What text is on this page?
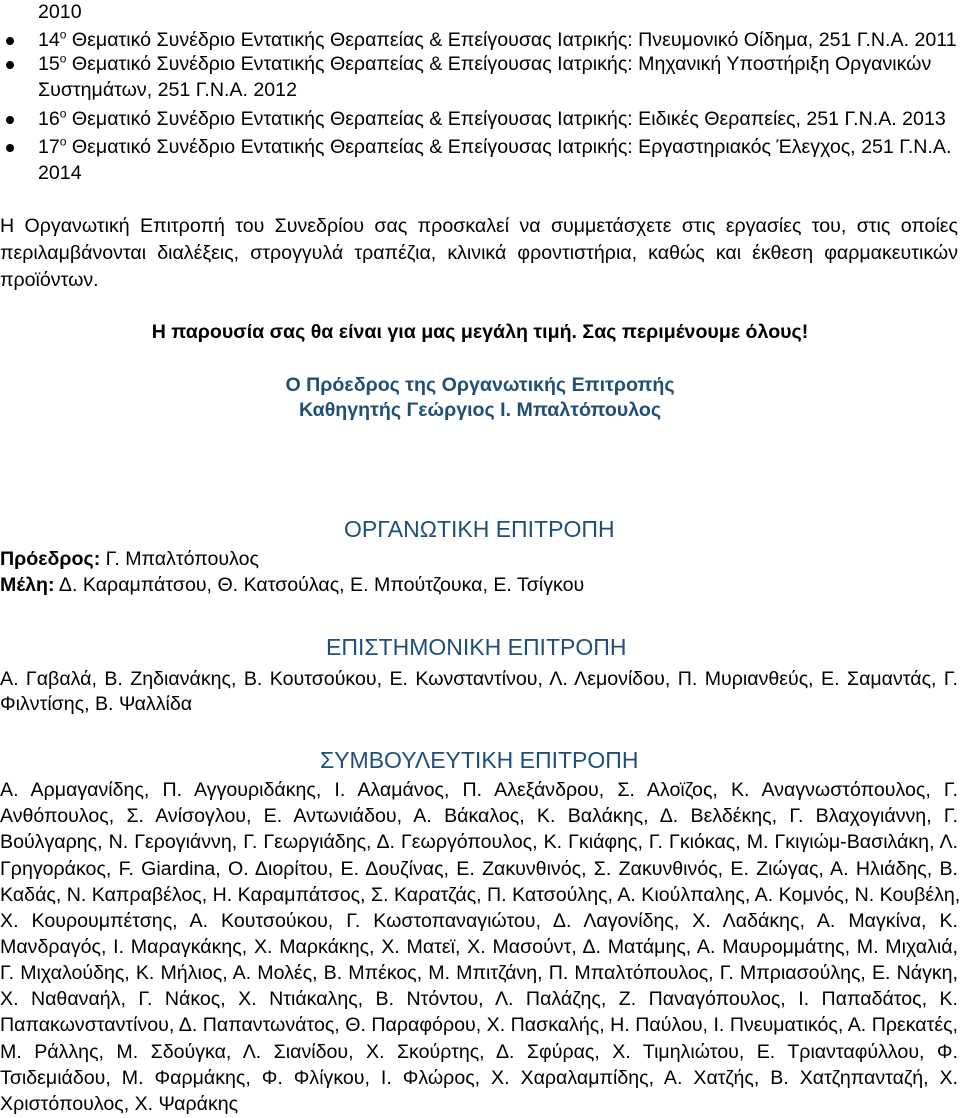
2010
$14^o$ Θεματικό Συνέδριο Εντατικής Θεραπείας & Επείγουσας Ιατρικής: Πνευμονικό Οίδημα, 251 Γ.Ν.Α. 2011
$15^o$ Θεματικό Συνέδριο Εντατικής Θεραπείας & Επείγουσας Ιατρικής: Μηχανική Υποστήριξη Οργανικών
Συστημάτων, 251 Γ.Ν.Α. 2012
$16^o$ Θεματικό Συνέδριο Εντατικής Θεραπείας & Επείγουσας Ιατρικής: Ειδικές Θεραπείες, 251 Γ.Ν.Α. 2013
$17^o$ Θεματικό Συνέδριο Εντατικής Θεραπείας & Επείγουσας Ιατρικής: Εργαστηριακός Έλεγχος, 251 Γ.Ν.Α.
2014
Η Οργανωτική Επιτροπή του Συνεδρίου σας προσκαλεί να συμμετάσχετε στις εργασίες του, στις οποίες
περιλαμβάνονται διαλέξεις, στρογγυλά τραπέζια, κλινικά φροντιστήρια, καθώς και έκθεση φαρμακευτικών
προϊόντων.
Η παρουσία σας θα είναι για μας μεγάλη τιμή. Σας περιμένουμε όλους!
Ο Πρόεδρος της Οργανωτικής Επιτροπής
Καθηγητής Γεώργιος Ι. Μπαλτόπουλος
ΟΡΓΑΝΩΤΙΚΗ ΕΠΙΤΡΟΠΗ
Πρόεδρος: Γ. Μπαλτόπουλος
Μέλη: Δ. Καραμπάτσου, Θ. Κατσούλας, Ε. Μπούτζουκα, Ε. Τσίγκου
ΕΠΙΣΤΗΜΟΝΙΚΗ ΕΠΙΤΡΟΠΗ
Α. Γαβαλά, Β. Ζηδιανάκης, Β. Κουτσούκου, Ε. Κωνσταντίνου, Λ. Λεμονίδου, Π. Μυριανθεύς, Ε. Σαμαντάς, Γ.
Φιλντίσης, Β. Ψαλλίδα
ΣΥΜΒΟΥΛΕΥΤΙΚΗ ΕΠΙΤΡΟΠΗ
Α. Αρμαγανίδης, Π. Αγγουριδάκης, Ι. Αλαμάνος, Π. Αλεξάνδρου, Σ. Αλοϊζος, Κ. Αναγνωστόπουλος, Γ.
Ανθόπουλος, Σ. Ανίσογλου, Ε. Αντωνιάδου, Α. Βάκαλος, Κ. Βαλάκης, Δ. Βελδέκης, Γ. Βλαχογιάννη, Γ.
Βούλγαρης, Ν. Γερογιάννη, Γ. Γεωργιάδης, Δ. Γεωργόπουλος, Κ. Γκιάφης, Γ. Γκιόκας, Μ. Γκιγιώμ-Βασιλάκη, Λ.
Γρηγοράκος, F. Giardina, Ο. Διορίτου, Ε. Δουζίνας, Ε. Ζακυνθινός, Σ. Ζακυνθινός, Ε. Ζιώγας, Α. Ηλιάδης, Β.
Καδάς, Ν. Καπραβέλος, Η. Καραμπάτσος, Σ. Καρατζάς, Π. Κατσούλης, Α. Κιούλπαλης, Α. Κομνός, Ν. Κουβέλη,
Χ. Κουρουμπέτσης, Α. Κουτσούκου, Γ. Κωστοπαναγιώτου, Δ. Λαγονίδης, Χ. Λαδάκης, Α. Μαγκίνα, Κ.
Μανδραγός, Ι. Μαραγκάκης, Χ. Μαρκάκης, Χ. Ματεϊ, Χ. Μασούντ, Δ. Ματάμης, Α. Μαυρομμάτης, Μ. Μιχαλιά,
Γ. Μιχαλούδης, Κ. Μήλιος, Α. Μολές, Β. Μπέκος, Μ. Μπιτζάνη, Π. Μπαλτόπουλος, Γ. Μπριασούλης, Ε. Νάγκη,
Χ. Ναθαναήλ, Γ. Νάκος, Χ. Ντιάκαλης, Β. Ντόντου, Λ. Παλάζης, Ζ. Παναγόπουλος, Ι. Παπαδάτος, Κ.
Παπακωνσταντίνου, Δ. Παπαντωνάτος, Θ. Παραφόρου, Χ. Πασκαλής, Η. Παύλου, Ι. Πνευματικός, Α. Πρεκατές,
Μ. Ράλλης, Μ. Σδούγκα, Λ. Σιανίδου, Χ. Σκούρτης, Δ. Σφύρας, Χ. Τιμηλιώτου, Ε. Τριανταφύλλου, Φ.
Τσιδεμιάδου, Μ. Φαρμάκης, Φ. Φλίγκου, Ι. Φλώρος, Χ. Χαραλαμπίδης, Α. Χατζής, Β. Χατζηπανταζή, Χ.
Χριστόπουλος, Χ. Ψαράκης
